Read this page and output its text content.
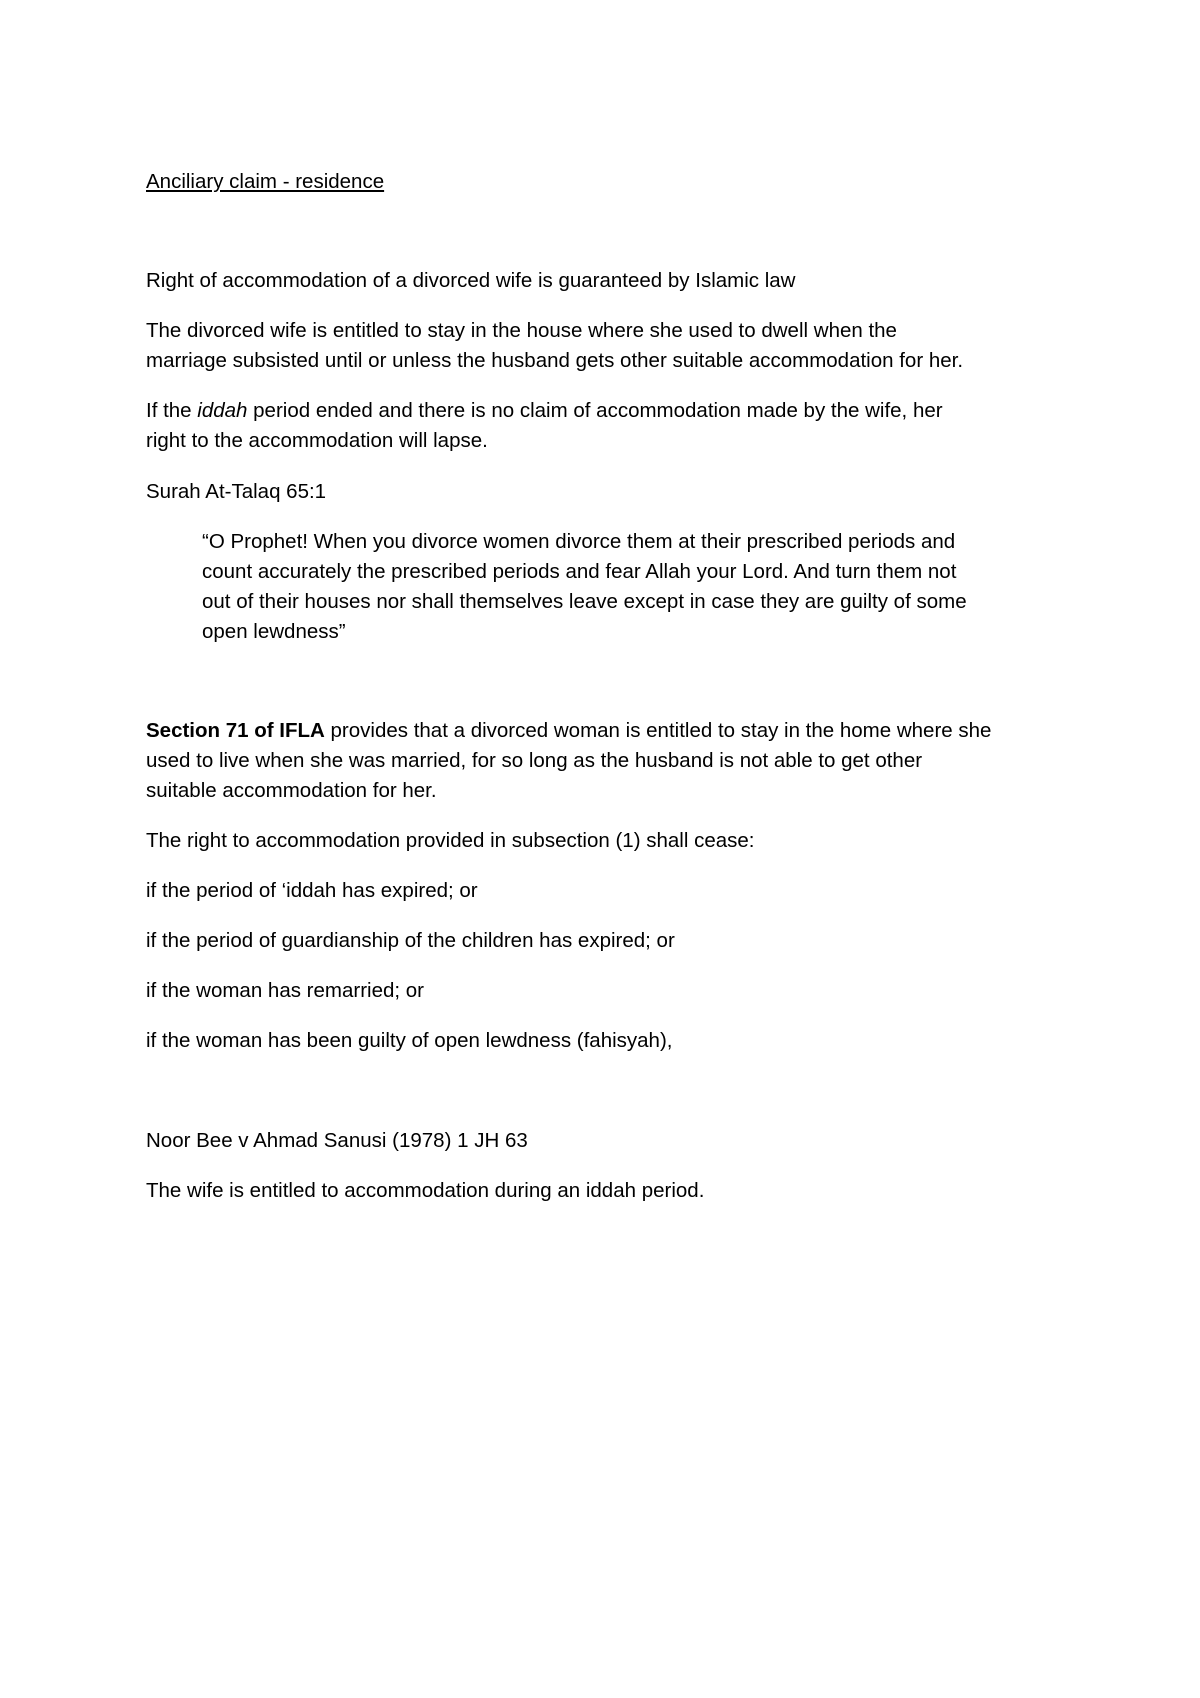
Anciliary claim - residence
Right of accommodation of a divorced wife is guaranteed by Islamic law
The divorced wife is entitled to stay in the house where she used to dwell when the
marriage subsisted until or unless the husband gets other suitable accommodation for her.
If the iddah period ended and there is no claim of accommodation made by the wife, her
right to the accommodation will lapse.
Surah At-Talaq 65:1
“O Prophet! When you divorce women divorce them at their prescribed periods and
count accurately the prescribed periods and fear Allah your Lord. And turn them not
out of their houses nor shall themselves leave except in case they are guilty of some
open lewdness”
Section 71 of IFLA provides that a divorced woman is entitled to stay in the home where she
used to live when she was married, for so long as the husband is not able to get other
suitable accommodation for her.
The right to accommodation provided in subsection (1) shall cease:
if the period of ‘iddah has expired; or
if the period of guardianship of the children has expired; or
if the woman has remarried; or
if the woman has been guilty of open lewdness (fahisyah),
Noor Bee v Ahmad Sanusi (1978) 1 JH 63
The wife is entitled to accommodation during an iddah period.
